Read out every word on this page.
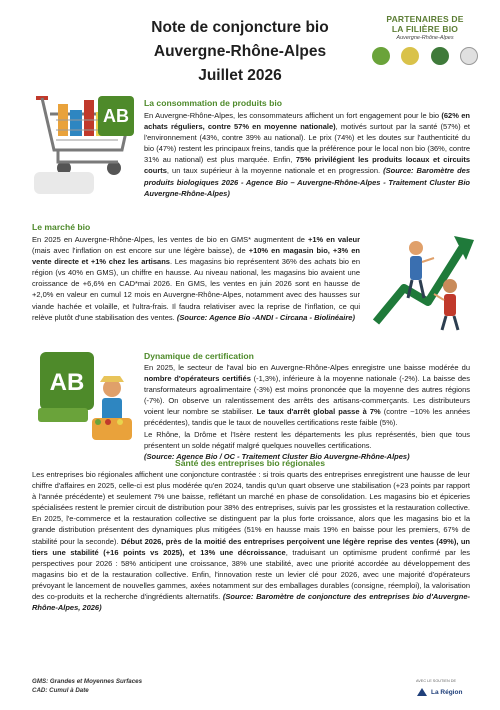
Note de conjoncture bio
Auvergne-Rhône-Alpes
Juillet 2026
PARTENAIRES DE
LA FILIÈRE BIO
Auvergne-Rhône-Alpes
AB
La consommation de produits bio
En Auvergne-Rhône-Alpes, les consommateurs affichent un fort engagement pour le bio (62% en achats réguliers, contre 57% en moyenne nationale), motivés surtout par la santé (57%) et l'environnement (43%, contre 39% au national). Le prix (74%) et les doutes sur l'authenticité du bio (47%) restent les principaux freins, tandis que la préférence pour le local non bio (36%, contre 31% au national) est plus marquée. Enfin, 75% privilégient les produits locaux et circuits courts, un taux supérieur à la moyenne nationale et en progression. (Source: Baromètre des produits biologiques 2026 - Agence Bio – Auvergne-Rhône-Alpes - Traitement Cluster Bio Auvergne-Rhône-Alpes)
Le marché bio
En 2025 en Auvergne-Rhône-Alpes, les ventes de bio en GMS* augmentent de +1% en valeur (mais avec l'inflation on est encore sur une légère baisse), de +10% en magasin bio, +3% en vente directe et +1% chez les artisans. Les magasins bio représentent 36% des achats bio en région (vs 40% en GMS), un chiffre en hausse. Au niveau national, les magasins bio avaient une croissance de +6,6% en CAD*mai 2026. En GMS, les ventes en juin 2026 sont en hausse de +2,0% en valeur en cumul 12 mois en Auvergne-Rhône-Alpes, notamment avec des hausses sur viande hachée et volaille, et l'ultra-frais. Il faudra relativiser avec la reprise de l'inflation, ce qui relève plutôt d'une stabilisation des ventes. (Source: Agence Bio -ANDI - Circana - Biolinéaire)
AB
Dynamique de certification
En 2025, le secteur de l'aval bio en Auvergne-Rhône-Alpes enregistre une baisse modérée du nombre d'opérateurs certifiés (-1,3%), inférieure à la moyenne nationale (-2%). La baisse des transformateurs agroalimentaire (-3%) est moins prononcée que la moyenne des autres régions (-7%). On observe un ralentissement des arrêts des artisans-commerçants. Les distributeurs voient leur nombre se stabiliser. Le taux d'arrêt global passe à 7% (contre ~10% les années précédentes), tandis que le taux de nouvelles certifications reste faible (5%).
Le Rhône, la Drôme et l'Isère restent les départements les plus représentés, bien que tous présentent un solde négatif malgré quelques nouvelles certifications.
(Source: Agence Bio / OC - Traitement Cluster Bio Auvergne-Rhône-Alpes)
Santé des entreprises bio régionales
Les entreprises bio régionales affichent une conjoncture contrastée : si trois quarts des entreprises enregistrent une hausse de leur chiffre d'affaires en 2025, celle-ci est plus modérée qu'en 2024, tandis qu'un quart observe une stabilisation (+23 points par rapport à l'année précédente) et seulement 7% une baisse, reflétant un marché en phase de consolidation. Les magasins bio et épiceries spécialisées restent le premier circuit de distribution pour 38% des entreprises, suivis par les grossistes et la restauration collective. En 2025, l'e-commerce et la restauration collective se distinguent par la plus forte croissance, alors que les magasins bio et la grande distribution présentent des dynamiques plus mitigées (51% en hausse mais 19% en baisse pour les premiers, 67% de stabilité pour la seconde). Début 2026, près de la moitié des entreprises perçoivent une légère reprise des ventes (49%), un tiers une stabilité (+16 points vs 2025), et 13% une décroissance, traduisant un optimisme prudent confirmé par les perspectives pour 2026 : 58% anticipent une croissance, 38% une stabilité, avec une priorité accordée au développement des magasins bio et de la restauration collective. Enfin, l'innovation reste un levier clé pour 2026, avec une majorité d'opérateurs prévoyant le lancement de nouvelles gammes, axées notamment sur des emballages durables (consigne, réemploi), la valorisation des co-produits et la recherche d'ingrédients alternatifs. (Source: Baromètre de conjoncture des entreprises bio d'Auvergne-Rhône-Alpes, 2026)
GMS: Grandes et Moyennes Surfaces
CAD: Cumul à Date
AVEC LE SOUTIEN DE
La Région
